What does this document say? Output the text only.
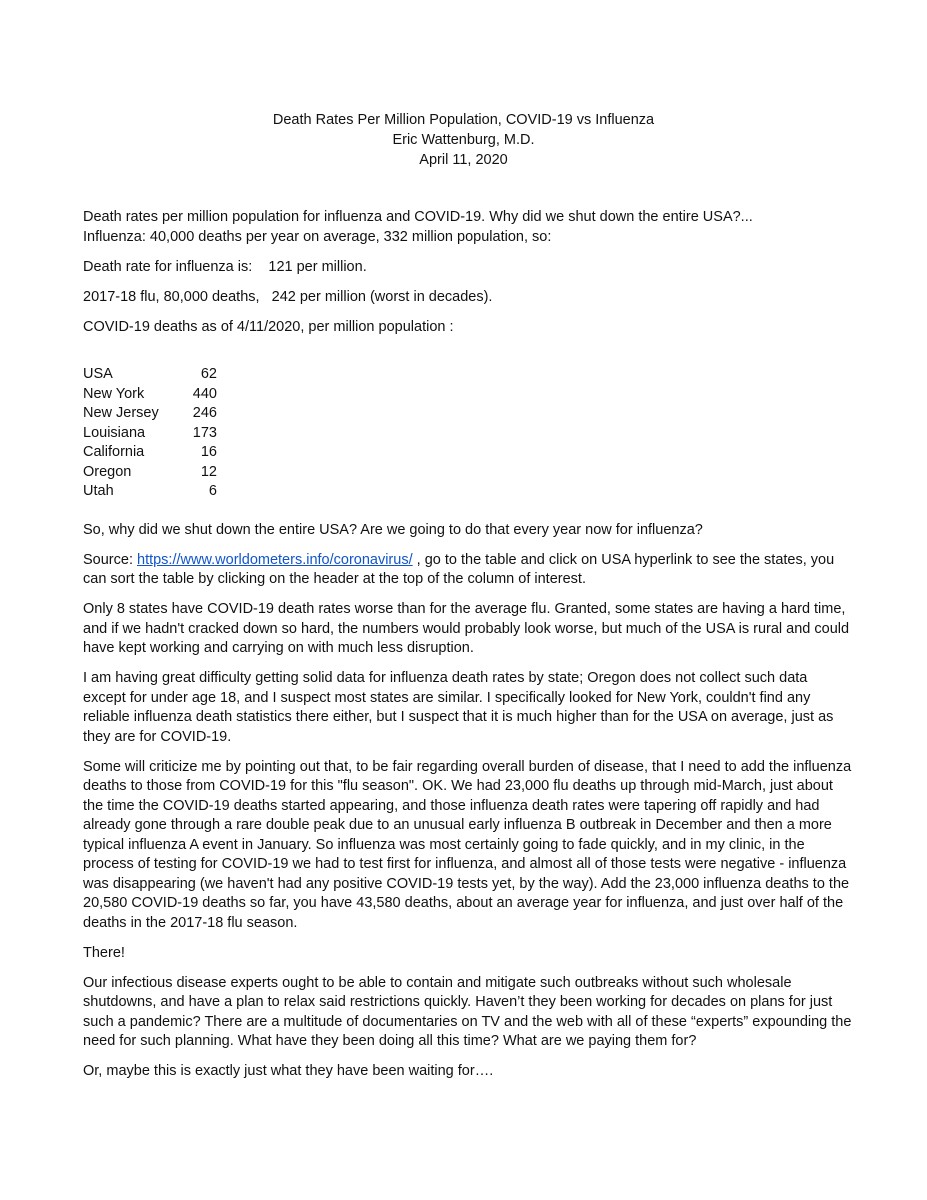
Death Rates Per Million Population, COVID-19 vs Influenza
Eric Wattenburg, M.D.
April 11, 2020

Death rates per million population for influenza and COVID-19. Why did we shut down the entire USA?...
Influenza: 40,000 deaths per year on average, 332 million population, so:

Death rate for influenza is: 121 per million.

2017-18 flu, 80,000 deaths,   242 per million (worst in decades).

COVID-19 deaths as of 4/11/2020, per million population :

USA	62
New York	440
New Jersey	246
Louisiana	173
California	16
Oregon	12
Utah	6

So, why did we shut down the entire USA? Are we going to do that every year now for influenza?

Source: https://www.worldometers.info/coronavirus/ , go to the table and click on USA hyperlink to see the states, you can sort the table by clicking on the header at the top of the column of interest.

Only 8 states have COVID-19 death rates worse than for the average flu. Granted, some states are having a hard time, and if we hadn't cracked down so hard, the numbers would probably look worse, but much of the USA is rural and could have kept working and carrying on with much less disruption.

I am having great difficulty getting solid data for influenza death rates by state; Oregon does not collect such data except for under age 18, and I suspect most states are similar. I specifically looked for New York, couldn't find any reliable influenza death statistics there either, but I suspect that it is much higher than for the USA on average, just as they are for COVID-19.

Some will criticize me by pointing out that, to be fair regarding overall burden of disease, that I need to add the influenza deaths to those from COVID-19 for this "flu season". OK. We had 23,000 flu deaths up through mid-March, just about the time the COVID-19 deaths started appearing, and those influenza death rates were tapering off rapidly and had already gone through a rare double peak due to an unusual early influenza B outbreak in December and then a more typical influenza A event in January. So influenza was most certainly going to fade quickly, and in my clinic, in the process of testing for COVID-19 we had to test first for influenza, and almost all of those tests were negative - influenza was disappearing (we haven't had any positive COVID-19 tests yet, by the way). Add the 23,000 influenza deaths to the 20,580 COVID-19 deaths so far, you have 43,580 deaths, about an average year for influenza, and just over half of the deaths in the 2017-18 flu season.

There!

Our infectious disease experts ought to be able to contain and mitigate such outbreaks without such wholesale shutdowns, and have a plan to relax said restrictions quickly. Haven’t they been working for decades on plans for just such a pandemic? There are a multitude of documentaries on TV and the web with all of these “experts” expounding the need for such planning. What have they been doing all this time? What are we paying them for?

Or, maybe this is exactly just what they have been waiting for….
